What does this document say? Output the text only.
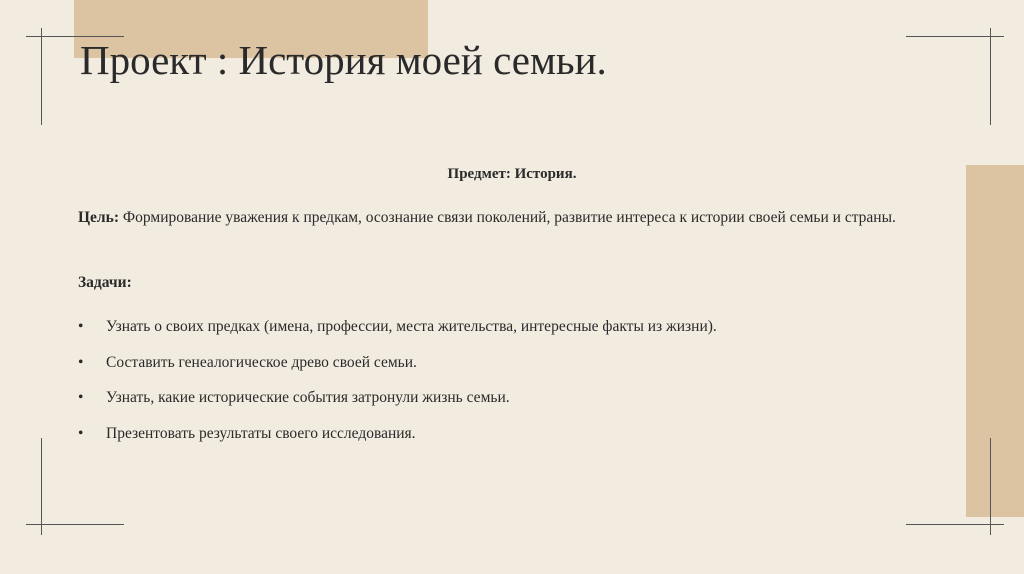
Проект : История моей семьи.
Предмет: История.
Цель: Формирование уважения к предкам, осознание связи поколений, развитие интереса к истории своей семьи и страны.
Задачи:
• Узнать о своих предках (имена, профессии, места жительства, интересные факты из жизни).
• Составить генеалогическое древо своей семьи.
• Узнать, какие исторические события затронули жизнь семьи.
• Презентовать результаты своего исследования.
